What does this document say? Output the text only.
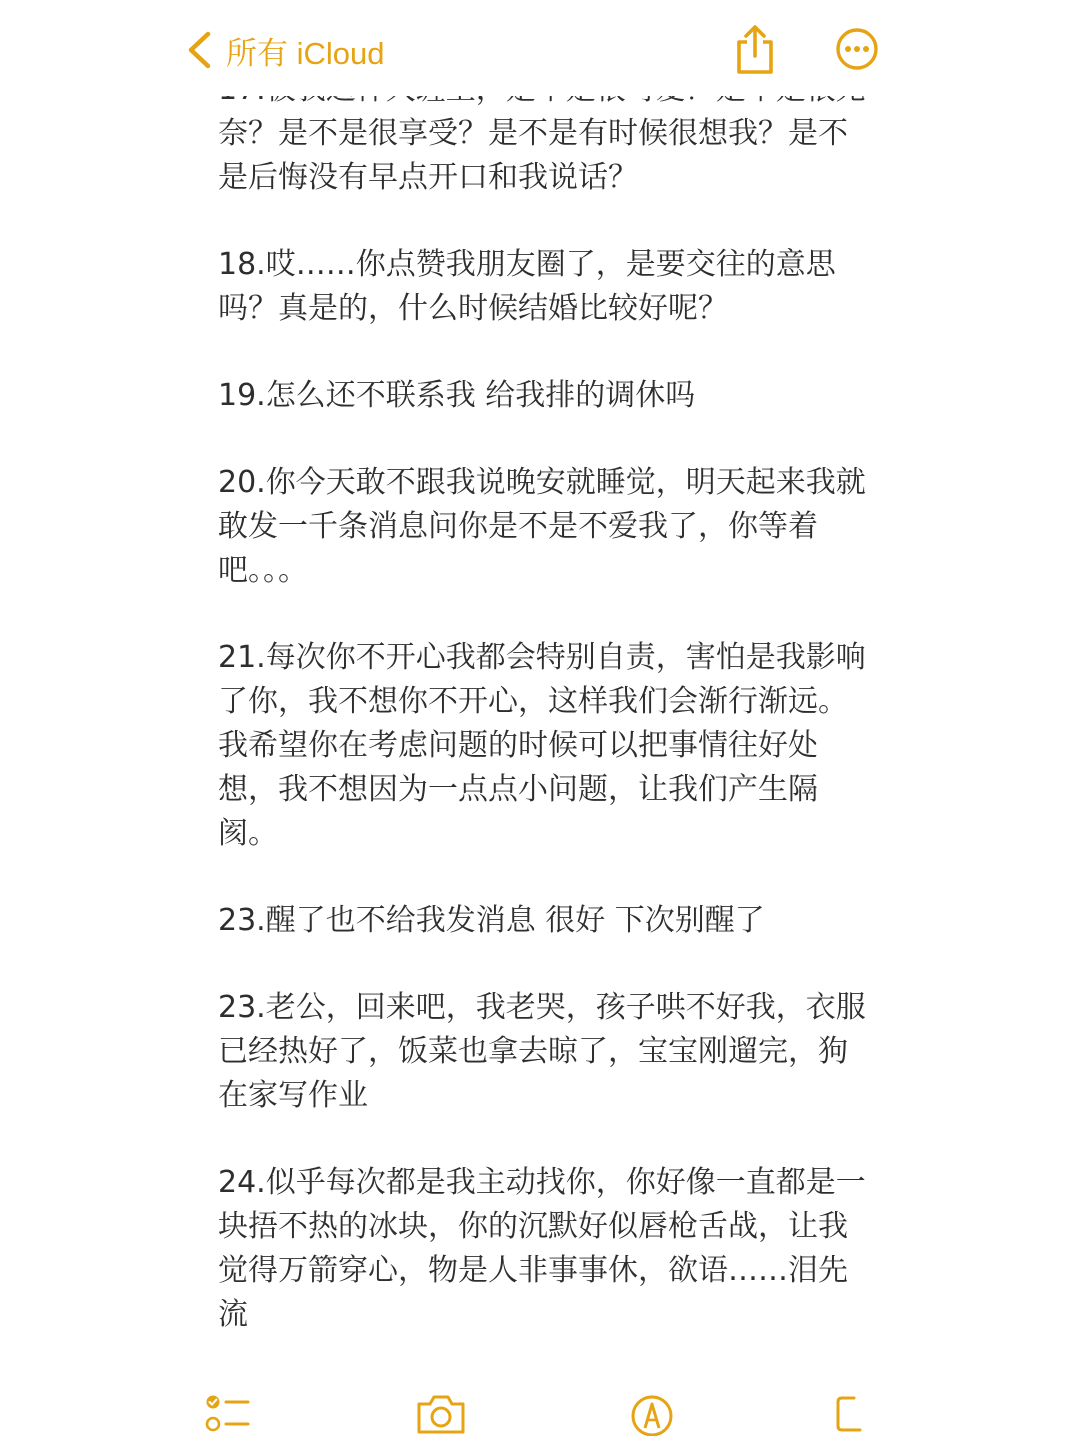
所有 iCloud

奈？是不是很享受？是不是有时候很想我？是不是后悔没有早点开口和我说话？

18.哎……你点赞我朋友圈了，是要交往的意思吗？真是的，什么时候结婚比较好呢？

19.怎么还不联系我 给我排的调休吗

20.你今天敢不跟我说晚安就睡觉，明天起来我就敢发一千条消息问你是不是不爱我了，你等着吧。。。

21.每次你不开心我都会特别自责，害怕是我影响了你，我不想你不开心，这样我们会渐行渐远。我希望你在考虑问题的时候可以把事情往好处想，我不想因为一点点小问题，让我们产生隔阂。

23.醒了也不给我发消息 很好 下次别醒了

23.老公，回来吧，我老哭，孩子哄不好我，衣服已经热好了，饭菜也拿去晾了，宝宝刚遛完，狗在家写作业

24.似乎每次都是我主动找你，你好像一直都是一块捂不热的冰块，你的沉默好似唇枪舌战，让我觉得万箭穿心，物是人非事事休，欲语……泪先流
